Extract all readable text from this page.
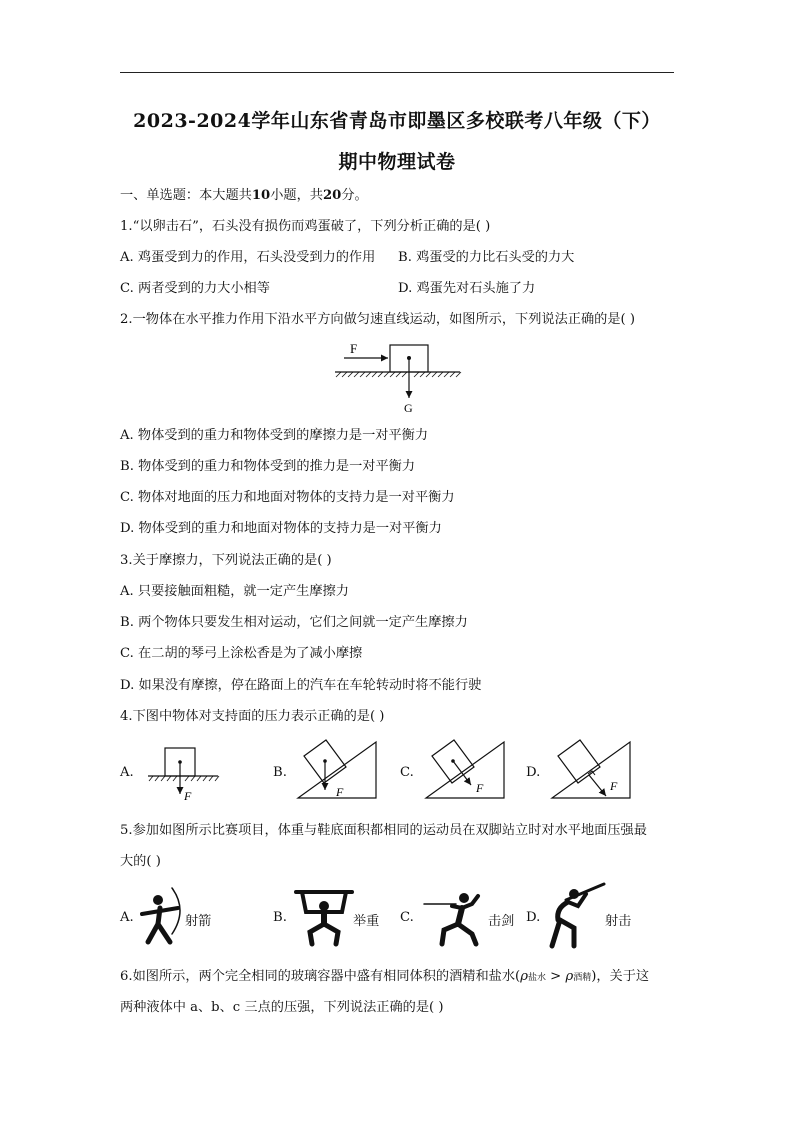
2023-2024学年山东省青岛市即墨区多校联考八年级（下）
期中物理试卷
一、单选题：本大题共10小题，共20分。
1.“以卵击石”，石头没有损伤而鸡蛋破了，下列分析正确的是( )
A. 鸡蛋受到力的作用，石头没受到力的作用 B. 鸡蛋受的力比石头受的力大
C. 两者受到的力大小相等	D. 鸡蛋先对石头施了力
2.一物体在水平推力作用下沿水平方向做匀速直线运动，如图所示，下列说法正确的是( )
F
G
A. 物体受到的重力和物体受到的摩擦力是一对平衡力
B. 物体受到的重力和物体受到的推力是一对平衡力
C. 物体对地面的压力和地面对物体的支持力是一对平衡力
D. 物体受到的重力和地面对物体的支持力是一对平衡力
3.关于摩擦力，下列说法正确的是( )
A. 只要接触面粗糙，就一定产生摩擦力
B. 两个物体只要发生相对运动，它们之间就一定产生摩擦力
C. 在二胡的琴弓上涂松香是为了减小摩擦
D. 如果没有摩擦，停在路面上的汽车在车轮转动时将不能行驶
4.下图中物体对支持面的压力表示正确的是( )
A.
F
B.
F
C.
F
D.
F
5.参加如图所示比赛项目，体重与鞋底面积都相同的运动员在双脚站立时对水平地面压强最
大的( )
A.	射箭	B.	举重 C.	击剑 D.	射击
6.如图所示，两个完全相同的玻璃容器中盛有相同体积的酒精和盐水(ρ盐水 > ρ酒精)，关于这
两种液体中 a、b、c 三点的压强，下列说法正确的是( )
